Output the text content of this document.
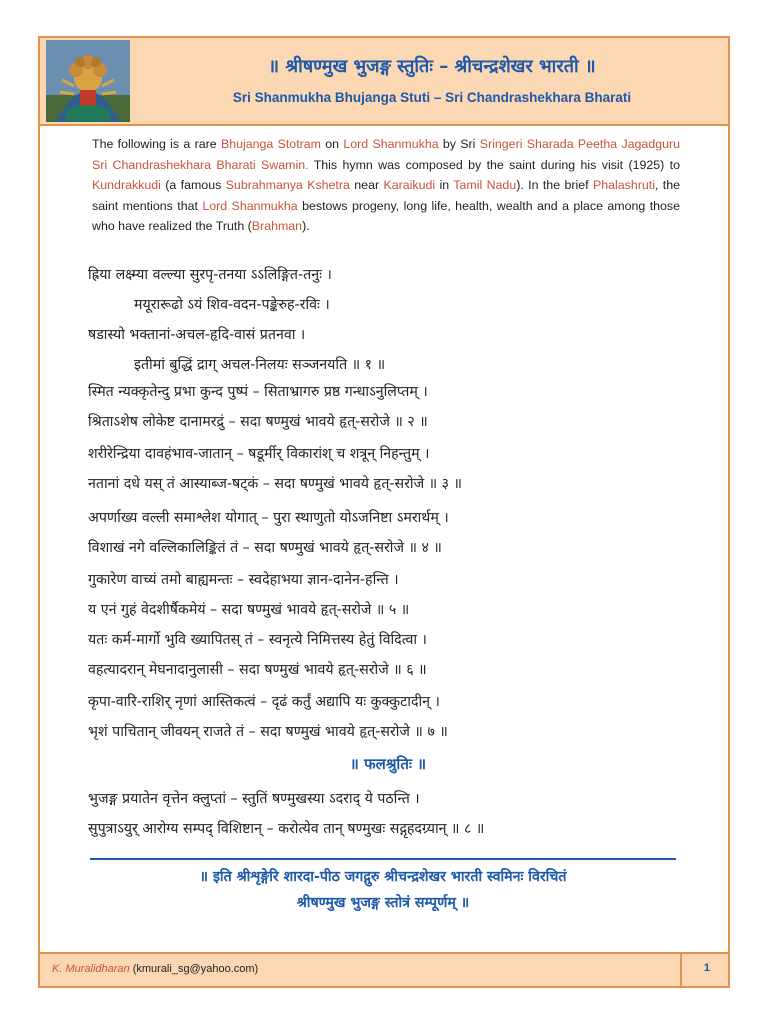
॥ श्रीषण्मुख भुजङ्ग स्तुतिः – श्रीचन्द्रशेखर भारती ॥
Sri Shanmukha Bhujanga Stuti – Sri Chandrashekhara Bharati
The following is a rare Bhujanga Stotram on Lord Shanmukha by Sri Sringeri Sharada Peetha Jagadguru Sri Chandrashekhara Bharati Swamin. This hymn was composed by the saint during his visit (1925) to Kundrakkudi (a famous Subrahmanya Kshetra near Karaikudi in Tamil Nadu). In the brief Phalashruti, the saint mentions that Lord Shanmukha bestows progeny, long life, health, wealth and a place among those who have realized the Truth (Brahman).
ह्रिया लक्ष्म्या वल्ल्या सुरपृ-तनया ऽऽलिङ्गित-तनुः ।
मयूरारूढो ऽयं शिव-वदन-पङ्केरुह-रविः ।
षडास्यो भक्तानां-अचल-हृदि-वासं प्रतनवा ।
इतीमां बुद्धिं द्राग् अचल-निलयः सञ्जनयति ॥ १ ॥
स्मित न्यक्कृतेन्दु प्रभा कुन्द पुष्पं – सिताभ्रागरु प्रष्ठ गन्धाऽनुलिप्तम् ।
श्रिताऽशेष लोकेष्ट दानामरद्रुं – सदा षण्मुखं भावये हृत्-सरोजे ॥ २ ॥
शरीरेन्द्रिया दावहंभाव-जातान् – षडूर्मीर् विकारांश् च शत्रून् निहन्तुम् ।
नतानां दधे यस् तं आस्याब्ज-षट्कं – सदा षण्मुखं भावये हृत्-सरोजे ॥ ३ ॥
अपर्णाख्य वल्ली समाश्लेश योगात् – पुरा स्थाणुतो योऽजनिष्टा ऽमरार्थम् ।
विशाखं नगे वल्लिकालिङ्कितं तं – सदा षण्मुखं भावये हृत्-सरोजे ॥ ४ ॥
गुकारेण वाच्यं तमो बाह्यमन्तः – स्वदेहाभया ज्ञान-दानेन-हन्ति ।
य एनं गुहं वेदशीर्षैकमेयं – सदा षण्मुखं भावये हृत्-सरोजे ॥ ५ ॥
यतः कर्म-मार्गो भुवि ख्यापितस् तं – स्वनृत्ये निमित्तस्य हेतुं विदित्वा ।
वहत्यादरान् मेघनादानुलासी – सदा षण्मुखं भावये हृत्-सरोजे ॥ ६ ॥
कृपा-वारि-राशिर् नृणां आस्तिकत्वं – दृढं कर्तुं अद्यापि यः कुक्कुटादीन् ।
भृशं पाचितान् जीवयन् राजते तं – सदा षण्मुखं भावये हृत्-सरोजे ॥ ७ ॥
॥ फलश्रुतिः ॥
भुजङ्ग प्रयातेन वृत्तेन क्लुप्तां – स्तुतिं षण्मुखस्या ऽदराद् ये पठन्ति ।
सुपुत्राऽयुर् आरोग्य सम्पद् विशिष्टान् – करोत्येव तान् षण्मुखः सद्गृहदग्र्यान् ॥ ८ ॥
॥ इति श्रीशृङ्गेरि शारदा-पीठ जगद्गुरु श्रीचन्द्रशेखर भारती स्वमिनः विरचितं
श्रीषण्मुख भुजङ्ग स्तोत्रं सम्पूर्णम् ॥
K. Muralidharan (kmurali_sg@yahoo.com)	1
